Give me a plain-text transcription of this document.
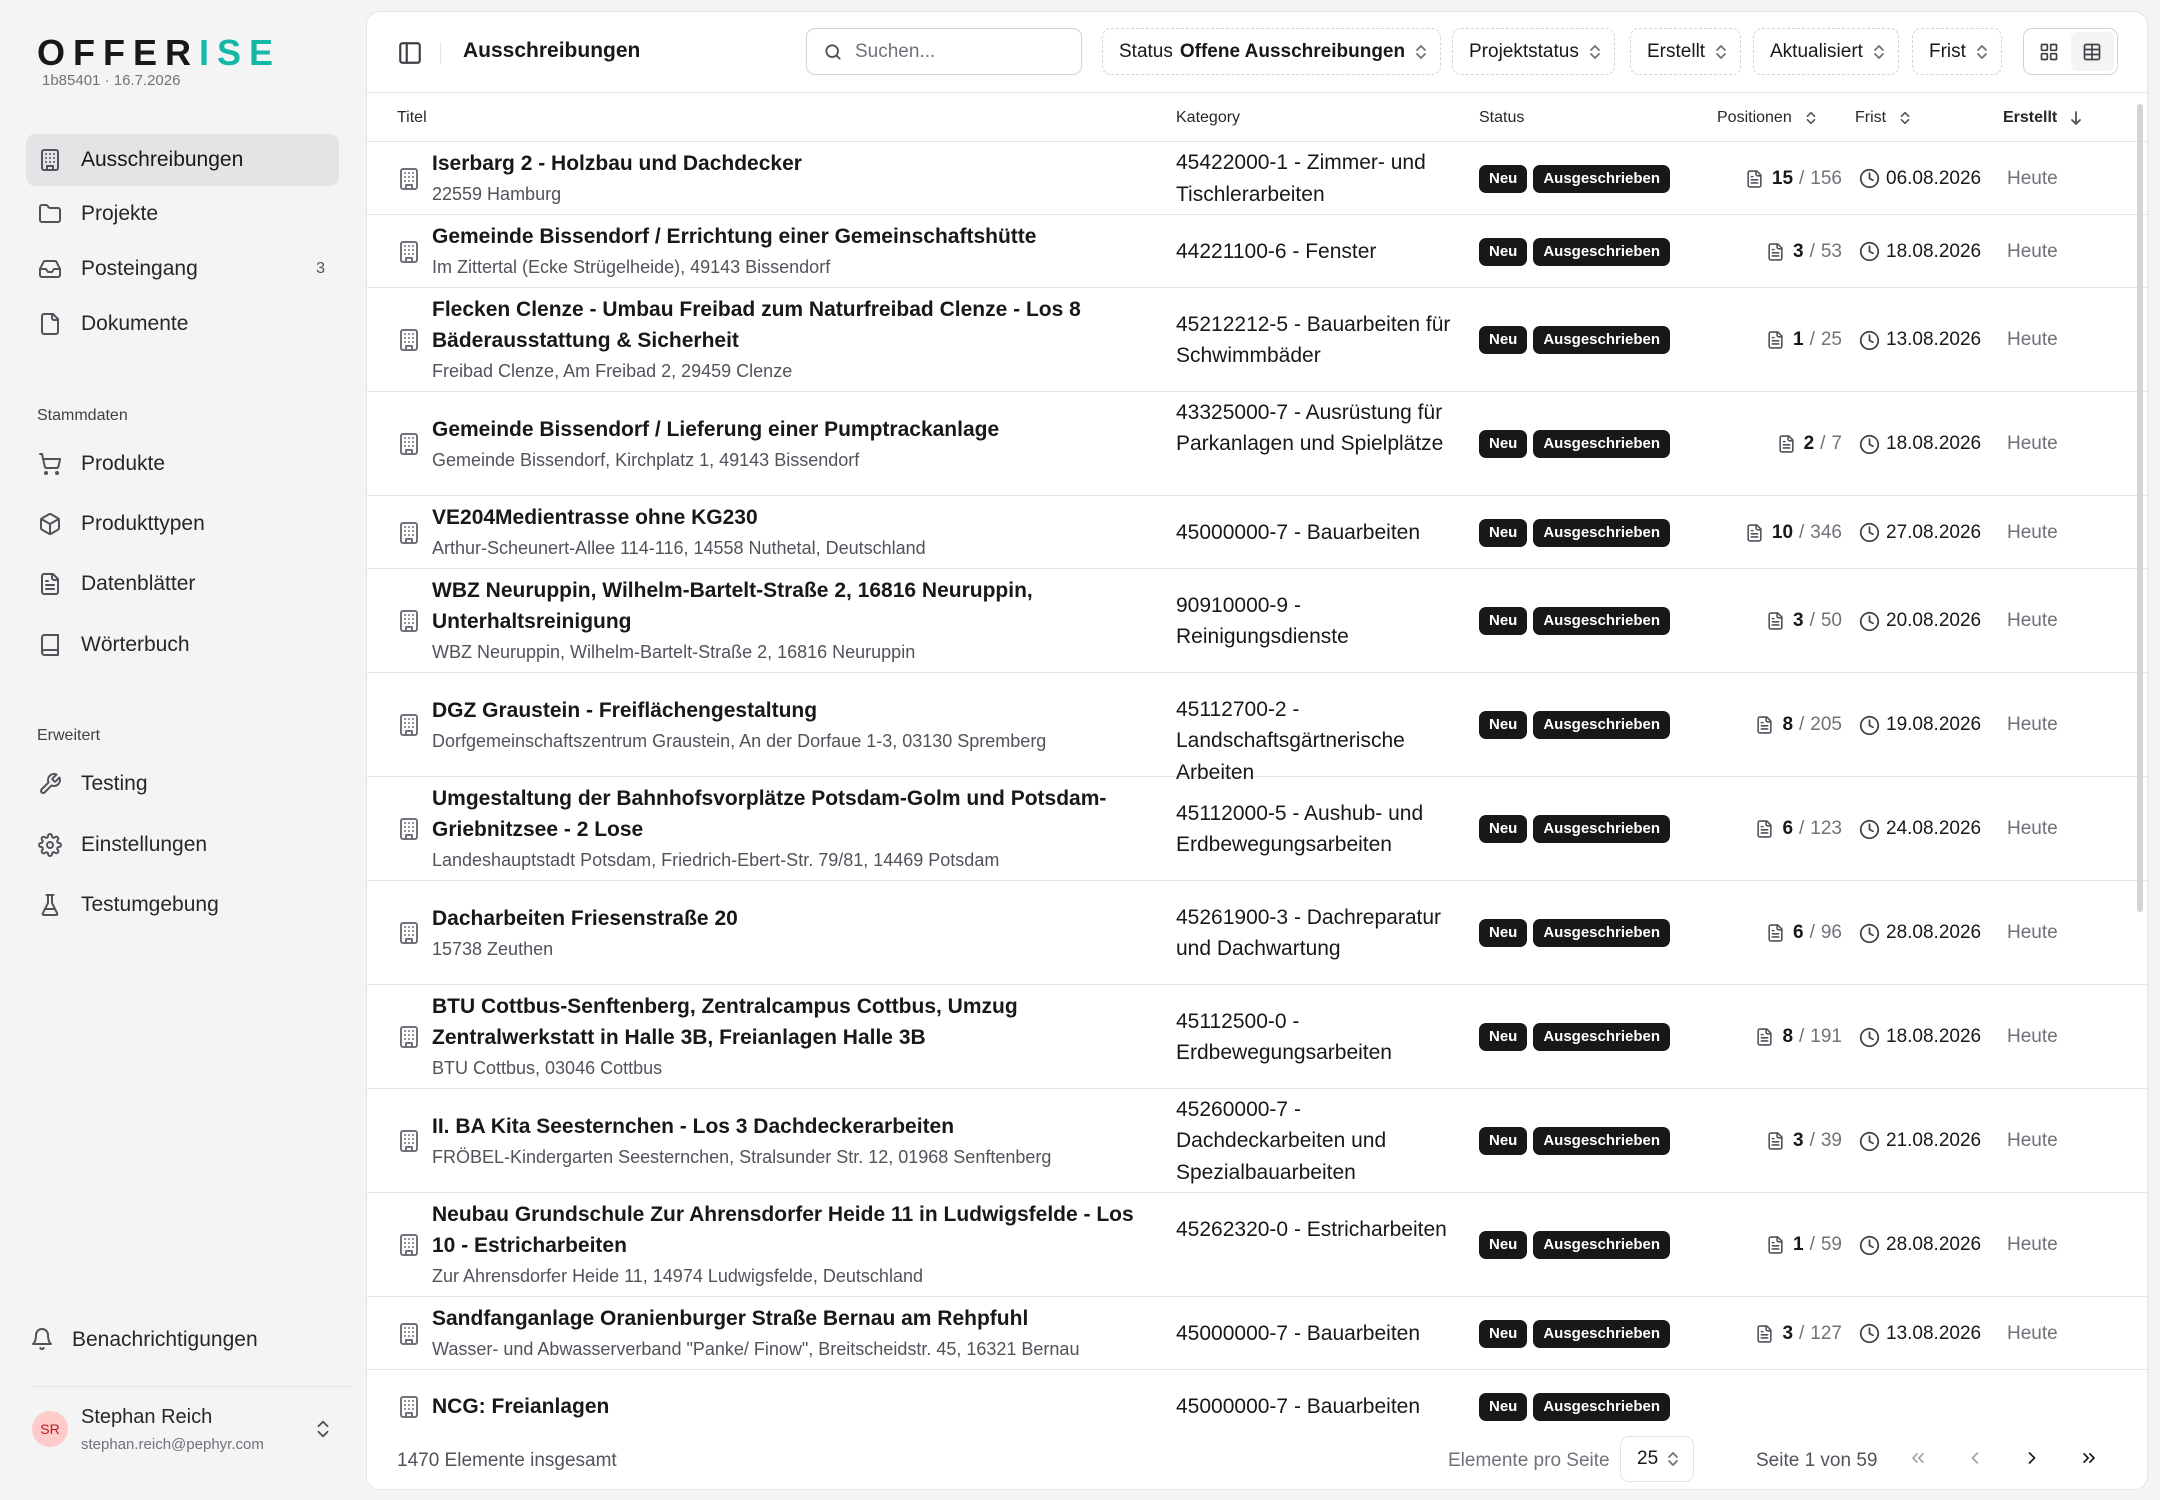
OFFERISE
1b85401 · 16.7.2026
Ausschreibungen
Projekte
Posteingang	3
Dokumente
Stammdaten
Produkte
Produkttypen
Datenblätter
Wörterbuch
Erweitert
Testing
Einstellungen
Testumgebung
Benachrichtigungen
SR
Stephan Reich
stephan.reich@pephyr.com
Ausschreibungen
Suchen...	Status Offene Ausschreibungen	Projektstatus	Erstellt	Aktualisiert	Frist
Titel	Kategory	Status	Positionen	Frist	Erstellt
Iserbarg 2 - Holzbau und Dachdecker
22559 Hamburg
45422000-1 - Zimmer- und Tischlerarbeiten
Neu	Ausgeschrieben	15 / 156 06.08.2026 Heute
Gemeinde Bissendorf / Errichtung einer Gemeinschaftshütte
Im Zittertal (Ecke Strügelheide), 49143 Bissendorf
44221100-6 - Fenster	Neu	Ausgeschrieben	3 / 53 18.08.2026 Heute
Flecken Clenze - Umbau Freibad zum Naturfreibad Clenze - Los 8 Bäderausstattung & Sicherheit
Freibad Clenze, Am Freibad 2, 29459 Clenze
45212212-5 - Bauarbeiten für Schwimmbäder
Neu	Ausgeschrieben	1 / 25 13.08.2026 Heute
Gemeinde Bissendorf / Lieferung einer Pumptrackanlage
Gemeinde Bissendorf, Kirchplatz 1, 49143 Bissendorf
43325000-7 - Ausrüstung für Parkanlagen und Spielplätze	Neu	Ausgeschrieben	2 / 7 18.08.2026 Heute
VE204Medientrasse ohne KG230
Arthur-Scheunert-Allee 114-116, 14558 Nuthetal, Deutschland
45000000-7 - Bauarbeiten	Neu	Ausgeschrieben	10 / 346 27.08.2026 Heute
WBZ Neuruppin, Wilhelm-Bartelt-Straße 2, 16816 Neuruppin, Unterhaltsreinigung
WBZ Neuruppin, Wilhelm-Bartelt-Straße 2, 16816 Neuruppin
90910000-9 - Reinigungsdienste
Neu	Ausgeschrieben	3 / 50 20.08.2026 Heute
DGZ Graustein - Freiflächengestaltung
Dorfgemeinschaftszentrum Graustein, An der Dorfaue 1-3, 03130 Spremberg
45112700-2 - Landschaftsgärtnerische Arbeiten
Neu	Ausgeschrieben	8 / 205 19.08.2026 Heute
Umgestaltung der Bahnhofsvorplätze Potsdam-Golm und Potsdam-Griebnitzsee - 2 Lose
Landeshauptstadt Potsdam, Friedrich-Ebert-Str. 79/81, 14469 Potsdam
45112000-5 - Aushub- und Erdbewegungsarbeiten
Neu	Ausgeschrieben	6 / 123 24.08.2026 Heute
Dacharbeiten Friesenstraße 20
15738 Zeuthen
45261900-3 - Dachreparatur und Dachwartung
Neu	Ausgeschrieben	6 / 96 28.08.2026 Heute
BTU Cottbus-Senftenberg, Zentralcampus Cottbus, Umzug Zentralwerkstatt in Halle 3B, Freianlagen Halle 3B
BTU Cottbus, 03046 Cottbus
45112500-0 - Erdbewegungsarbeiten
Neu	Ausgeschrieben	8 / 191 18.08.2026 Heute
II. BA Kita Seesternchen - Los 3 Dachdeckerarbeiten
FRÖBEL-Kindergarten Seesternchen, Stralsunder Str. 12, 01968 Senftenberg
45260000-7 - Dachdeckarbeiten und Spezialbauarbeiten
Neu	Ausgeschrieben	3 / 39 21.08.2026 Heute
Neubau Grundschule Zur Ahrensdorfer Heide 11 in Ludwigsfelde - Los 10 - Estricharbeiten
Zur Ahrensdorfer Heide 11, 14974 Ludwigsfelde, Deutschland
45262320-0 - Estricharbeiten
Neu	Ausgeschrieben	1 / 59 28.08.2026 Heute
Sandfanganlage Oranienburger Straße Bernau am Rehpfuhl
Wasser- und Abwasserverband "Panke/ Finow", Breitscheidstr. 45, 16321 Bernau
45000000-7 - Bauarbeiten	Neu	Ausgeschrieben	3 / 127 13.08.2026 Heute
NCG: Freianlagen	45000000-7 - Bauarbeiten	Neu	Ausgeschrieben
1470 Elemente insgesamt	Elemente pro Seite 25	Seite 1 von 59
